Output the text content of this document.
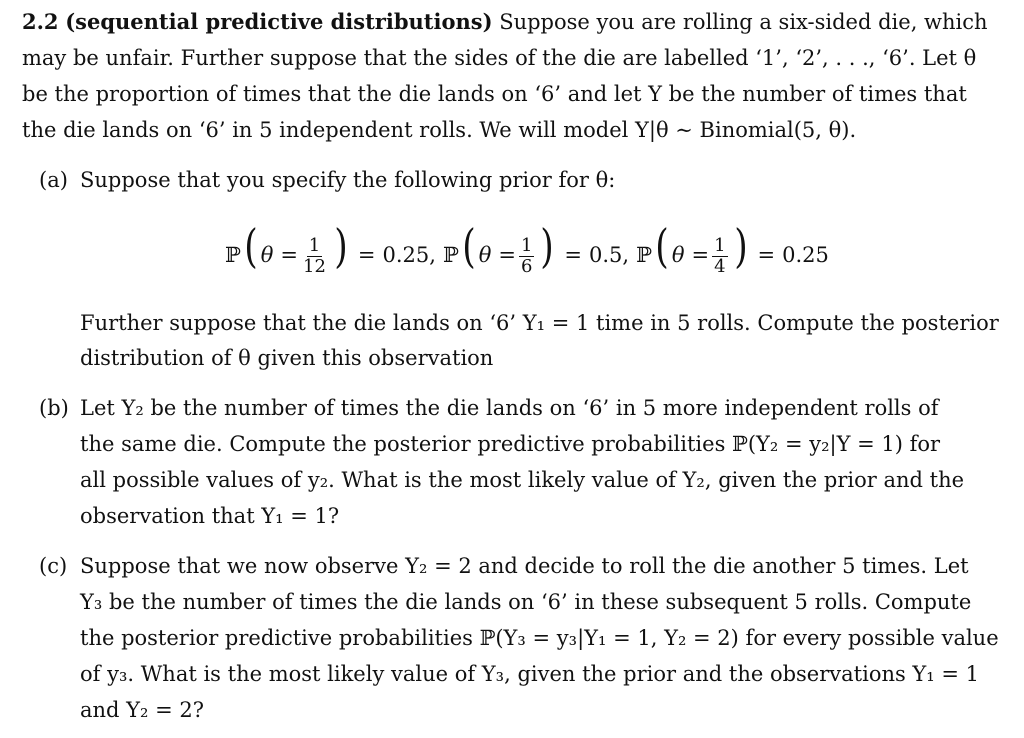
2.2 (sequential predictive distributions) Suppose you are rolling a six-sided die, which
may be unfair. Further suppose that the sides of the die are labelled ‘1’, ‘2’, . . ., ‘6’. Let θ
be the proportion of times that the die lands on ‘6’ and let Y be the number of times that
the die lands on ‘6’ in 5 independent rolls. We will model Y|θ ∼ Binomial(5, θ).
(a) Suppose that you specify the following prior for θ:
ℙ( $\theta = \frac{1}{12}$ ) = 0.25, ℙ( $\theta = \frac{1}{6}$ ) = 0.5, ℙ( $\theta = \frac{1}{4}$ ) = 0.25
Further suppose that the die lands on ‘6’ Y₁ = 1 time in 5 rolls. Compute the posterior
distribution of θ given this observation
(b) Let Y₂ be the number of times the die lands on ‘6’ in 5 more independent rolls of
the same die. Compute the posterior predictive probabilities ℙ(Y₂ = y₂|Y = 1) for
all possible values of y₂. What is the most likely value of Y₂, given the prior and the
observation that Y₁ = 1?
(c) Suppose that we now observe Y₂ = 2 and decide to roll the die another 5 times. Let
Y₃ be the number of times the die lands on ‘6’ in these subsequent 5 rolls. Compute
the posterior predictive probabilities ℙ(Y₃ = y₃|Y₁ = 1, Y₂ = 2) for every possible value
of y₃. What is the most likely value of Y₃, given the prior and the observations Y₁ = 1
and Y₂ = 2?
